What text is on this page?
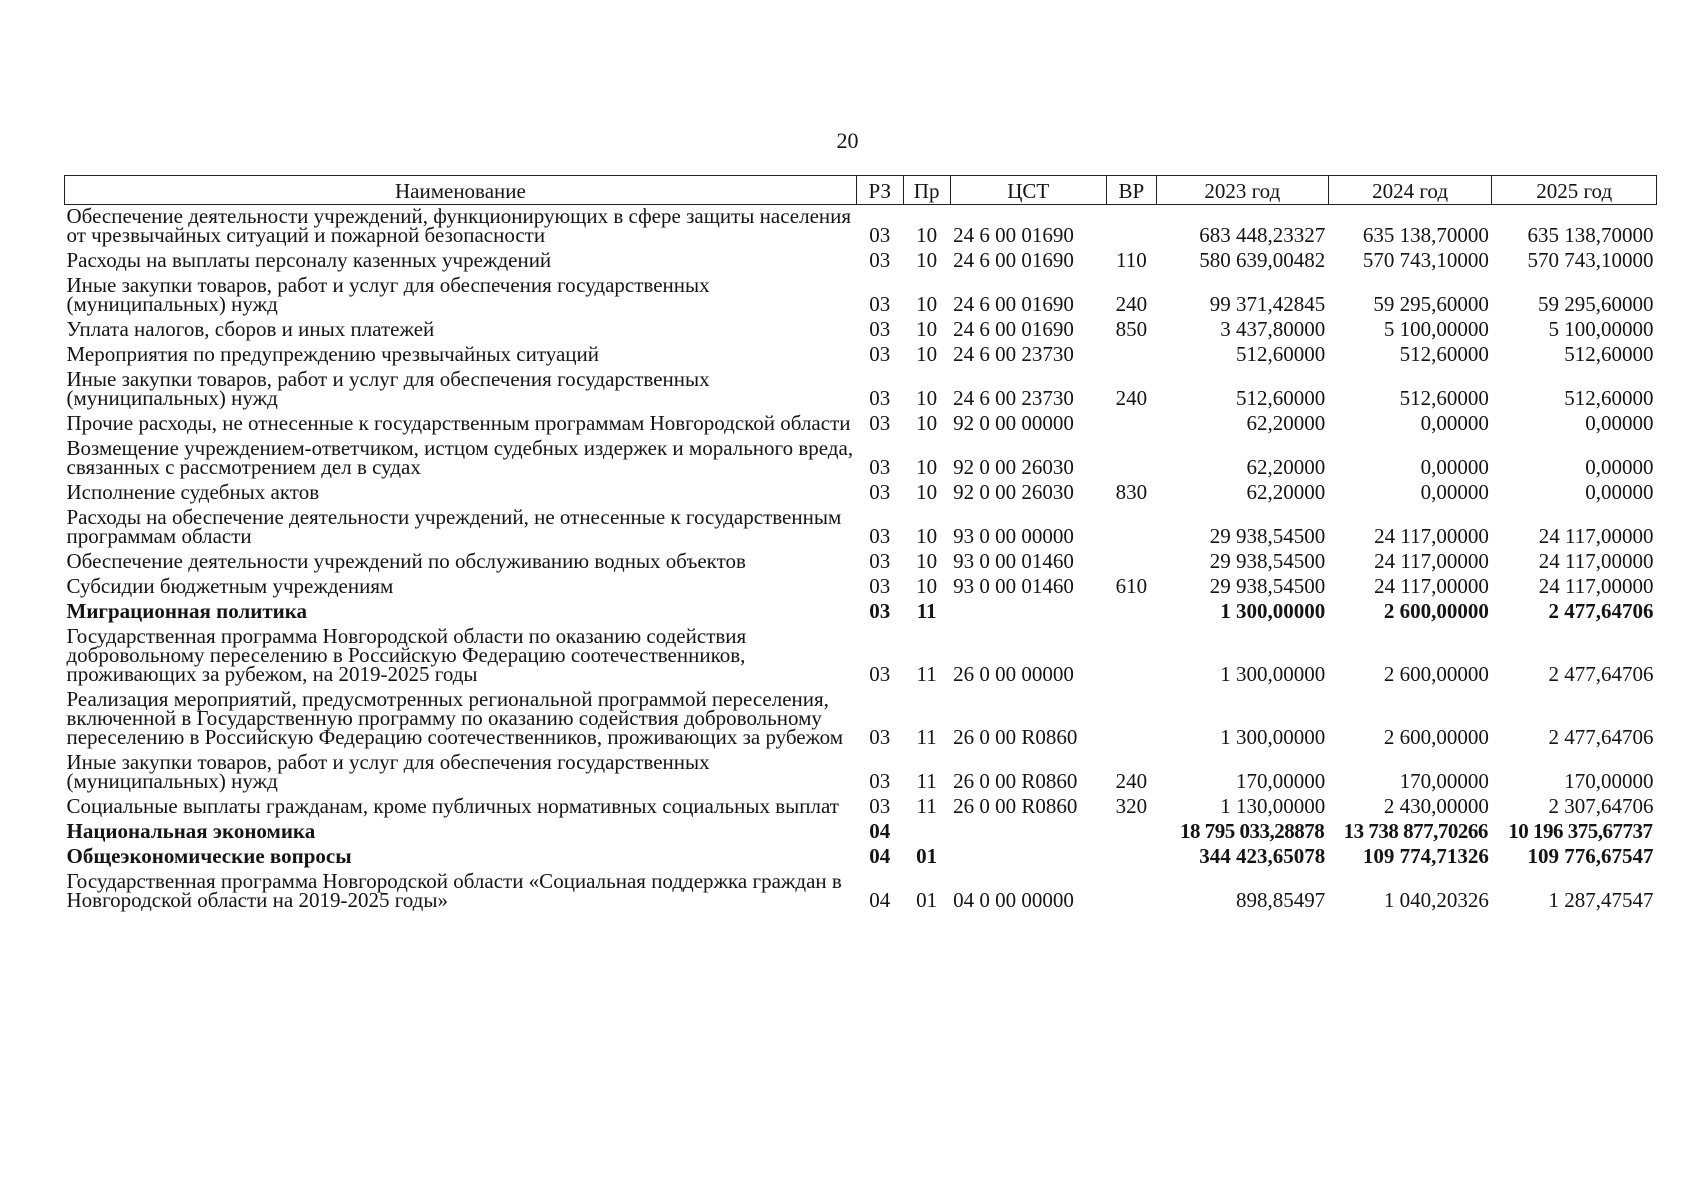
20
Наименование	РЗ	Пр	ЦСТ	ВР	2023 год	2024 год	2025 год
Обеспечение деятельности учреждений, функционирующих в сфере защиты населения от чрезвычайных ситуаций и пожарной безопасности	03	10	24 6 00 01690		683 448,23327	635 138,70000	635 138,70000
Расходы на выплаты персоналу казенных учреждений	03	10	24 6 00 01690	110	580 639,00482	570 743,10000	570 743,10000
Иные закупки товаров, работ и услуг для обеспечения государственных (муниципальных) нужд	03	10	24 6 00 01690	240	99 371,42845	59 295,60000	59 295,60000
Уплата налогов, сборов и иных платежей	03	10	24 6 00 01690	850	3 437,80000	5 100,00000	5 100,00000
Мероприятия по предупреждению чрезвычайных ситуаций	03	10	24 6 00 23730		512,60000	512,60000	512,60000
Иные закупки товаров, работ и услуг для обеспечения государственных (муниципальных) нужд	03	10	24 6 00 23730	240	512,60000	512,60000	512,60000
Прочие расходы, не отнесенные к государственным программам Новгородской области	03	10	92 0 00 00000		62,20000	0,00000	0,00000
Возмещение учреждением-ответчиком, истцом судебных издержек и морального вреда, связанных с рассмотрением дел в судах	03	10	92 0 00 26030		62,20000	0,00000	0,00000
Исполнение судебных актов	03	10	92 0 00 26030	830	62,20000	0,00000	0,00000
Расходы на обеспечение деятельности учреждений, не отнесенные к государственным программам области	03	10	93 0 00 00000		29 938,54500	24 117,00000	24 117,00000
Обеспечение деятельности учреждений по обслуживанию водных объектов	03	10	93 0 00 01460		29 938,54500	24 117,00000	24 117,00000
Субсидии бюджетным учреждениям	03	10	93 0 00 01460	610	29 938,54500	24 117,00000	24 117,00000
Миграционная политика	03	11			1 300,00000	2 600,00000	2 477,64706
Государственная программа Новгородской области по оказанию содействия добровольному переселению в Российскую Федерацию соотечественников, проживающих за рубежом, на 2019-2025 годы	03	11	26 0 00 00000		1 300,00000	2 600,00000	2 477,64706
Реализация мероприятий, предусмотренных региональной программой переселения, включенной в Государственную программу по оказанию содействия добровольному переселению в Российскую Федерацию соотечественников, проживающих за рубежом	03	11	26 0 00 R0860		1 300,00000	2 600,00000	2 477,64706
Иные закупки товаров, работ и услуг для обеспечения государственных (муниципальных) нужд	03	11	26 0 00 R0860	240	170,00000	170,00000	170,00000
Социальные выплаты гражданам, кроме публичных нормативных социальных выплат	03	11	26 0 00 R0860	320	1 130,00000	2 430,00000	2 307,64706
Национальная экономика	04				18 795 033,28878	13 738 877,70266	10 196 375,67737
Общеэкономические вопросы	04	01			344 423,65078	109 774,71326	109 776,67547
Государственная программа Новгородской области «Социальная поддержка граждан в Новгородской области на 2019-2025 годы»	04	01	04 0 00 00000		898,85497	1 040,20326	1 287,47547
